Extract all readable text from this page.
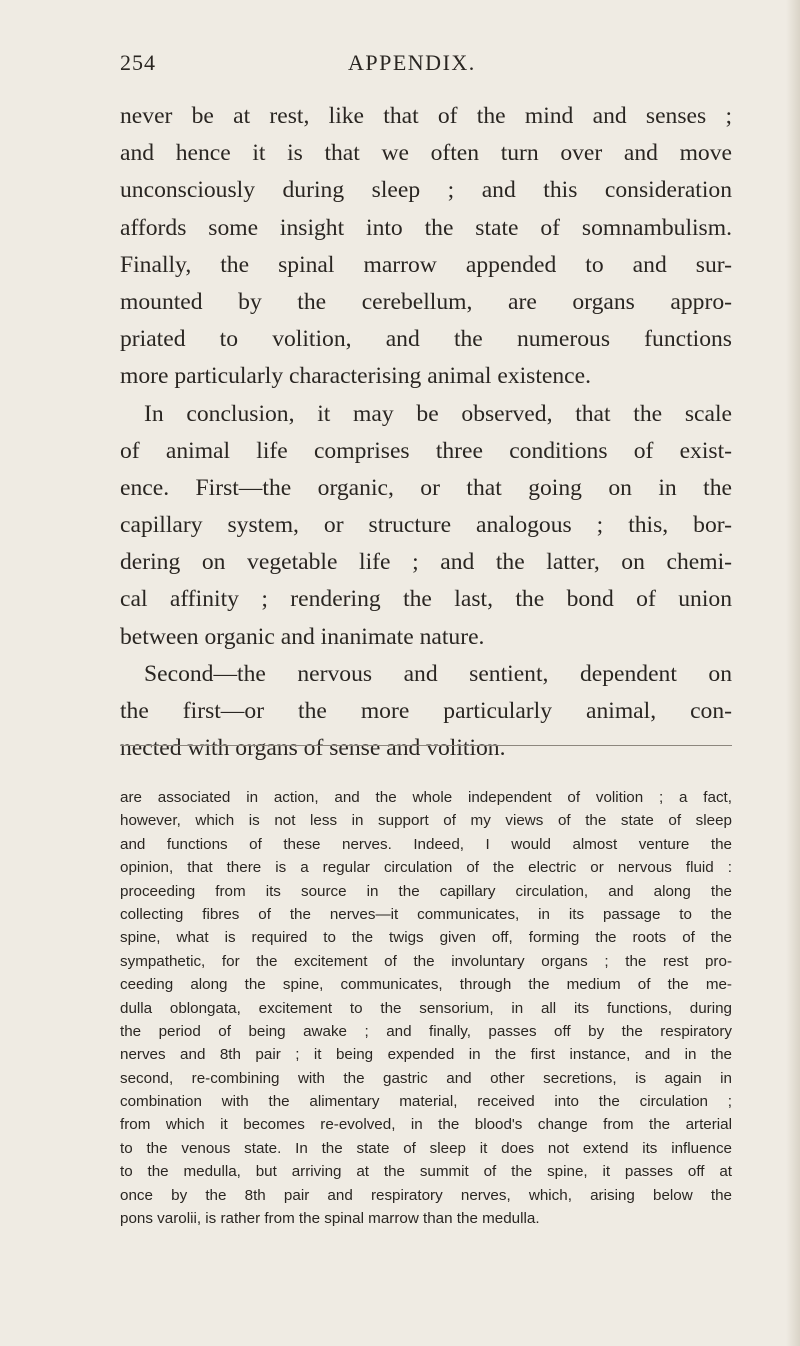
254	APPENDIX.
never be at rest, like that of the mind and senses ;
and hence it is that we often turn over and move
unconsciously during sleep ; and this consideration
affords some insight into the state of somnambulism.
Finally, the spinal marrow appended to and sur-
mounted by the cerebellum, are organs appro-
priated to volition, and the numerous functions
more particularly characterising animal existence.
In conclusion, it may be observed, that the scale
of animal life comprises three conditions of exist-
ence. First—the organic, or that going on in the
capillary system, or structure analogous ; this, bor-
dering on vegetable life ; and the latter, on chemi-
cal affinity ; rendering the last, the bond of union
between organic and inanimate nature.
Second—the nervous and sentient, dependent on
the first—or the more particularly animal, con-
nected with organs of sense and volition.
are associated in action, and the whole independent of volition ; a fact,
however, which is not less in support of my views of the state of sleep
and functions of these nerves. Indeed, I would almost venture the
opinion, that there is a regular circulation of the electric or nervous fluid :
proceeding from its source in the capillary circulation, and along the
collecting fibres of the nerves—it communicates, in its passage to the
spine, what is required to the twigs given off, forming the roots of the
sympathetic, for the excitement of the involuntary organs ; the rest pro-
ceeding along the spine, communicates, through the medium of the me-
dulla oblongata, excitement to the sensorium, in all its functions, during
the period of being awake ; and finally, passes off by the respiratory
nerves and 8th pair ; it being expended in the first instance, and in the
second, re-combining with the gastric and other secretions, is again in
combination with the alimentary material, received into the circulation ;
from which it becomes re-evolved, in the blood's change from the arterial
to the venous state. In the state of sleep it does not extend its influence
to the medulla, but arriving at the summit of the spine, it passes off at
once by the 8th pair and respiratory nerves, which, arising below the
pons varolii, is rather from the spinal marrow than the medulla.
